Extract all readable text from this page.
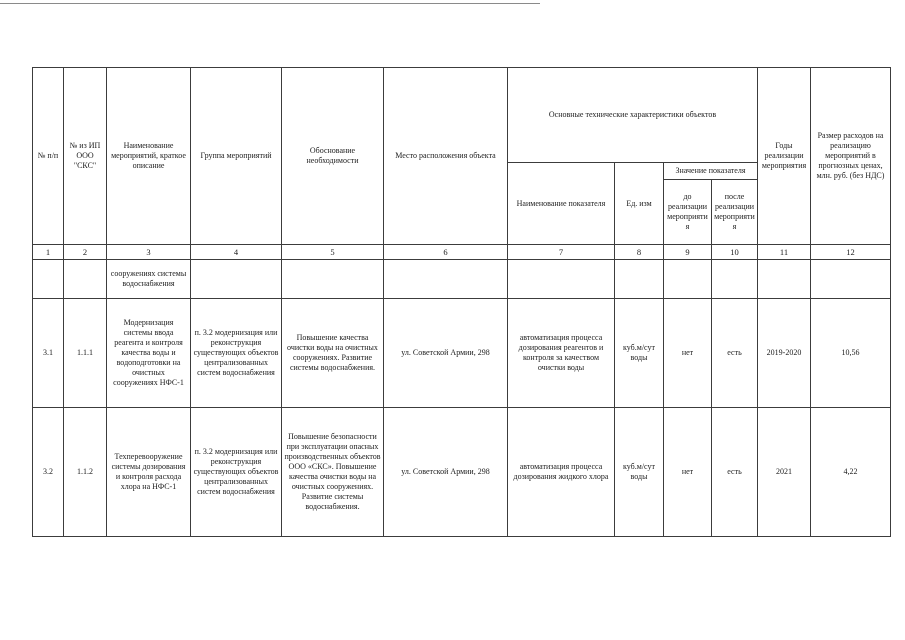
№ п/п	№ из ИП ООО "СКС"	Наименование мероприятий, краткое описание	Группа мероприятий	Обоснование необходимости	Место расположения объекта	Основные технические характеристики объектов				Годы реализации мероприятия	Размер расходов на реализацию мероприятий в прогнозных ценах, млн. руб. (без НДС)
						Наименование показателя	Ед. изм	Значение показателя			
								до реализации мероприятия	после реализации мероприятия		
1	2	3	4	5	6	7	8	9	10	11	12
		сооружениях системы водоснабжения									
3.1	1.1.1	Модернизация системы ввода реагента и контроля качества воды и водоподготовки на очистных сооружениях НФС-1	п. 3.2 модернизация или реконструкция существующих объектов централизованных систем водоснабжения	Повышение качества очистки воды на очистных сооружениях. Развитие системы водоснабжения.	ул. Советской Армии, 298	автоматизация процесса дозирования реагентов и контроля за качеством очистки воды	куб.м/сут воды	нет	есть	2019-2020	10,56
3.2	1.1.2	Техперевооружение системы дозирования и контроля расхода хлора на НФС-1	п. 3.2 модернизация или реконструкция существующих объектов централизованных систем водоснабжения	Повышение безопасности при эксплуатации опасных производственных объектов ООО «СКС». Повышение качества очистки воды на очистных сооружениях. Развитие системы водоснабжения.	ул. Советской Армии, 298	автоматизация процесса дозирования жидкого хлора	куб.м/сут воды	нет	есть	2021	4,22
